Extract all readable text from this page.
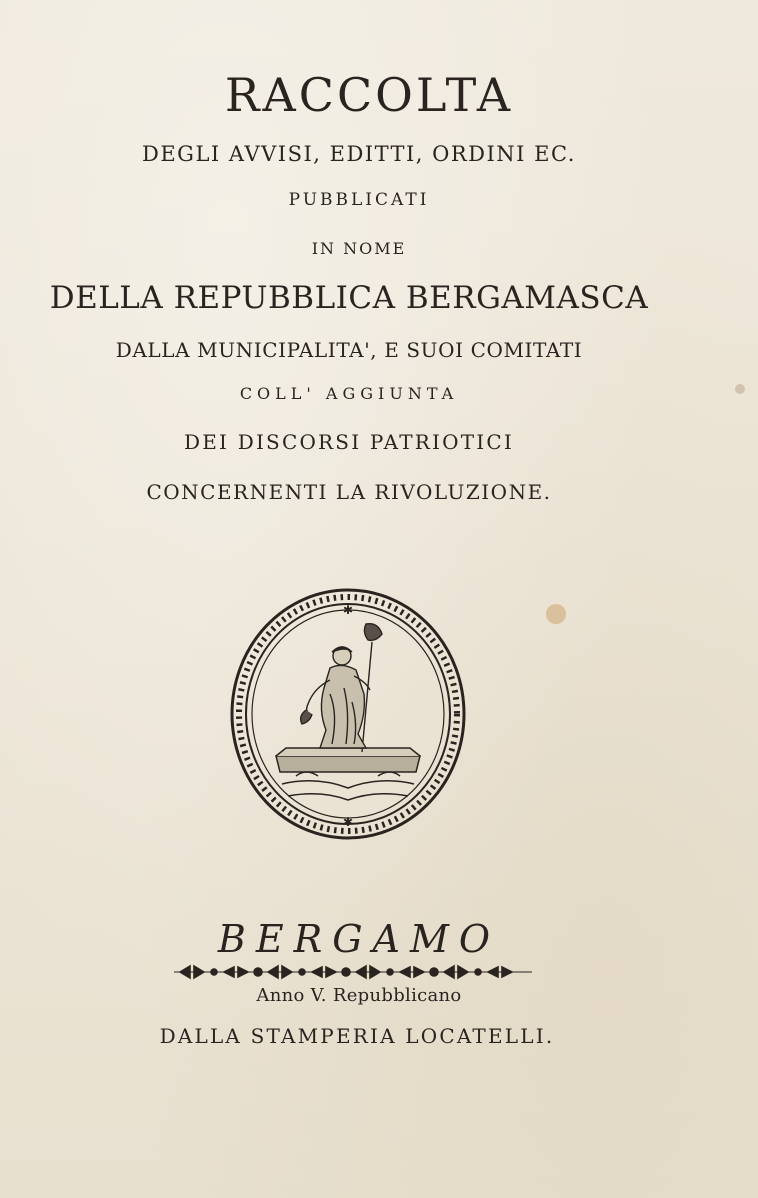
RACCOLTA
DEGLI AVVISI, EDITTI, ORDINI EC.
PUBBLICATI
IN NOME
DELLA REPUBBLICA BERGAMASCA
DALLA MUNICIPALITA', E SUOI COMITATI
COLL' AGGIUNTA
DEI DISCORSI PATRIOTICI
CONCERNENTI LA RIVOLUZIONE.
✱
✱
BERGAMO
Anno V. Repubblicano
DALLA STAMPERIA LOCATELLI.
